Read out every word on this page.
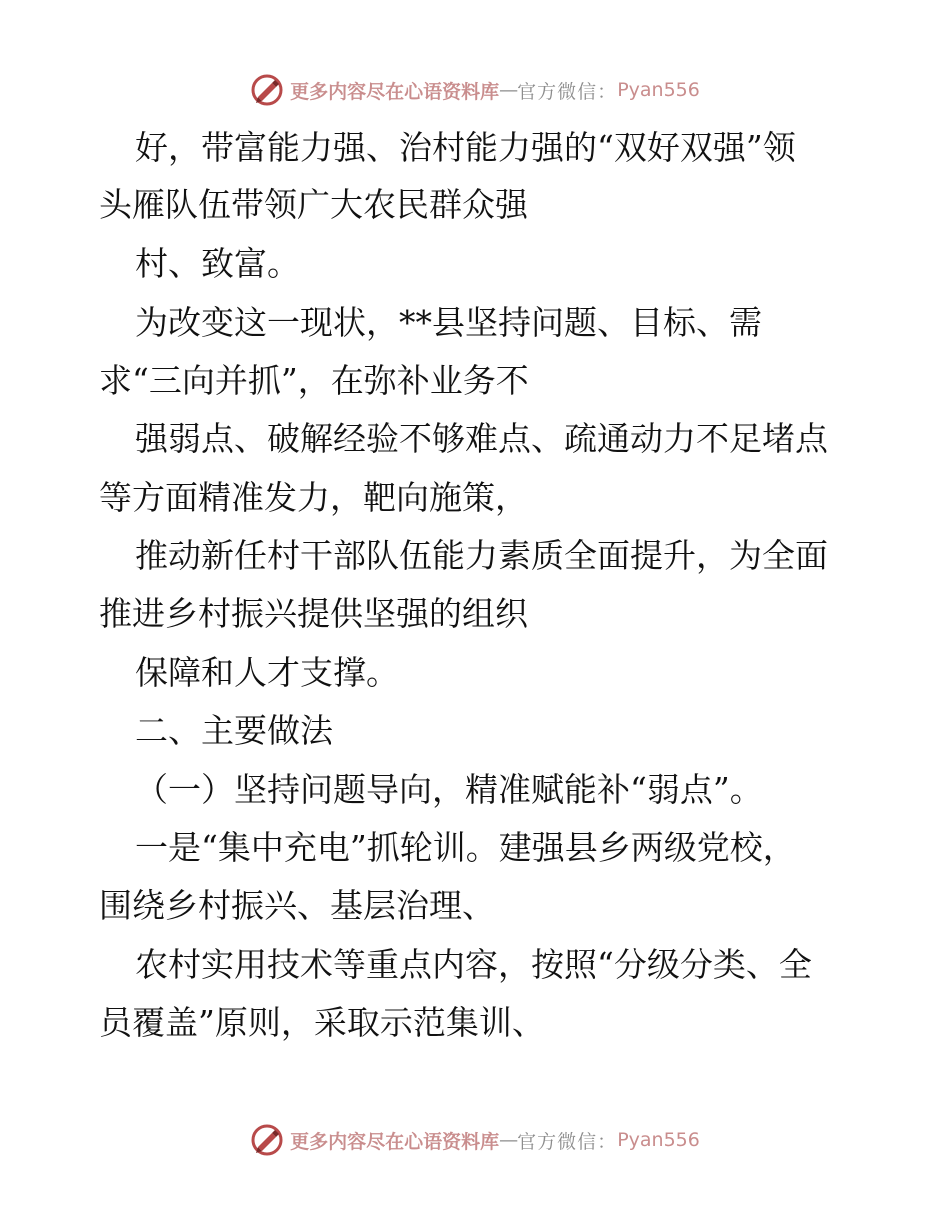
更多内容尽在心语资料库 — 官方微信： Pyan556
好，带富能力强、治村能力强的“双好双强”领
头雁队伍带领广大农民群众强
村、致富。
为改变这一现状，**县坚持问题、目标、需
求“三向并抓”，在弥补业务不
强弱点、破解经验不够难点、疏通动力不足堵点
等方面精准发力，靶向施策，
推动新任村干部队伍能力素质全面提升，为全面
推进乡村振兴提供坚强的组织
保障和人才支撑。
二、主要做法
（一）坚持问题导向，精准赋能补“弱点”。
一是“集中充电”抓轮训。建强县乡两级党校，
围绕乡村振兴、基层治理、
农村实用技术等重点内容，按照“分级分类、全
员覆盖”原则，采取示范集训、
更多内容尽在心语资料库 — 官方微信： Pyan556
